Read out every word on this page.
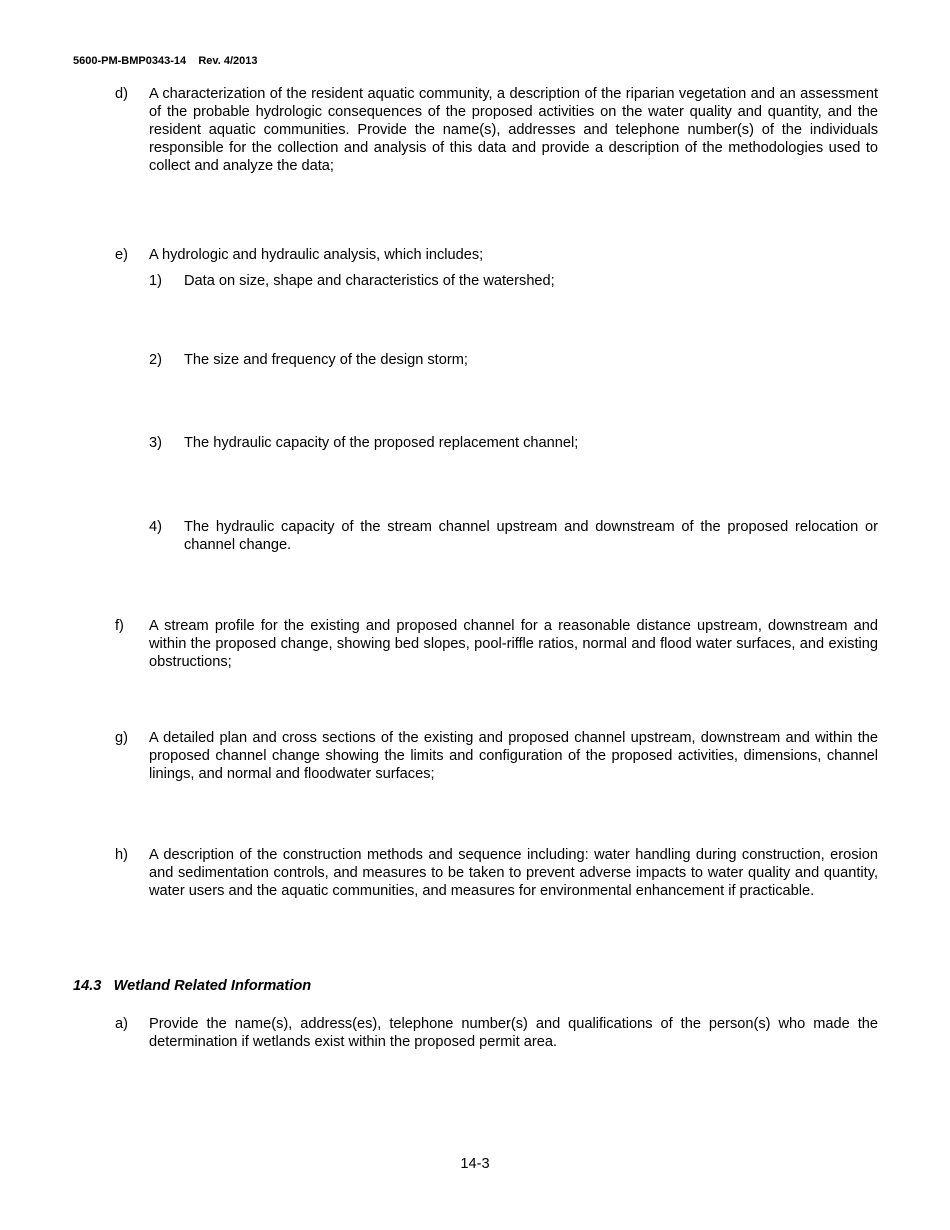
5600-PM-BMP0343-14 Rev. 4/2013
d) A characterization of the resident aquatic community, a description of the riparian vegetation and an assessment of the probable hydrologic consequences of the proposed activities on the water quality and quantity, and the resident aquatic communities. Provide the name(s), addresses and telephone number(s) of the individuals responsible for the collection and analysis of this data and provide a description of the methodologies used to collect and analyze the data;
e) A hydrologic and hydraulic analysis, which includes;
1) Data on size, shape and characteristics of the watershed;
2) The size and frequency of the design storm;
3) The hydraulic capacity of the proposed replacement channel;
4) The hydraulic capacity of the stream channel upstream and downstream of the proposed relocation or channel change.
f) A stream profile for the existing and proposed channel for a reasonable distance upstream, downstream and within the proposed change, showing bed slopes, pool-riffle ratios, normal and flood water surfaces, and existing obstructions;
g) A detailed plan and cross sections of the existing and proposed channel upstream, downstream and within the proposed channel change showing the limits and configuration of the proposed activities, dimensions, channel linings, and normal and floodwater surfaces;
h) A description of the construction methods and sequence including: water handling during construction, erosion and sedimentation controls, and measures to be taken to prevent adverse impacts to water quality and quantity, water users and the aquatic communities, and measures for environmental enhancement if practicable.
14.3 Wetland Related Information
a) Provide the name(s), address(es), telephone number(s) and qualifications of the person(s) who made the determination if wetlands exist within the proposed permit area.
14-3
